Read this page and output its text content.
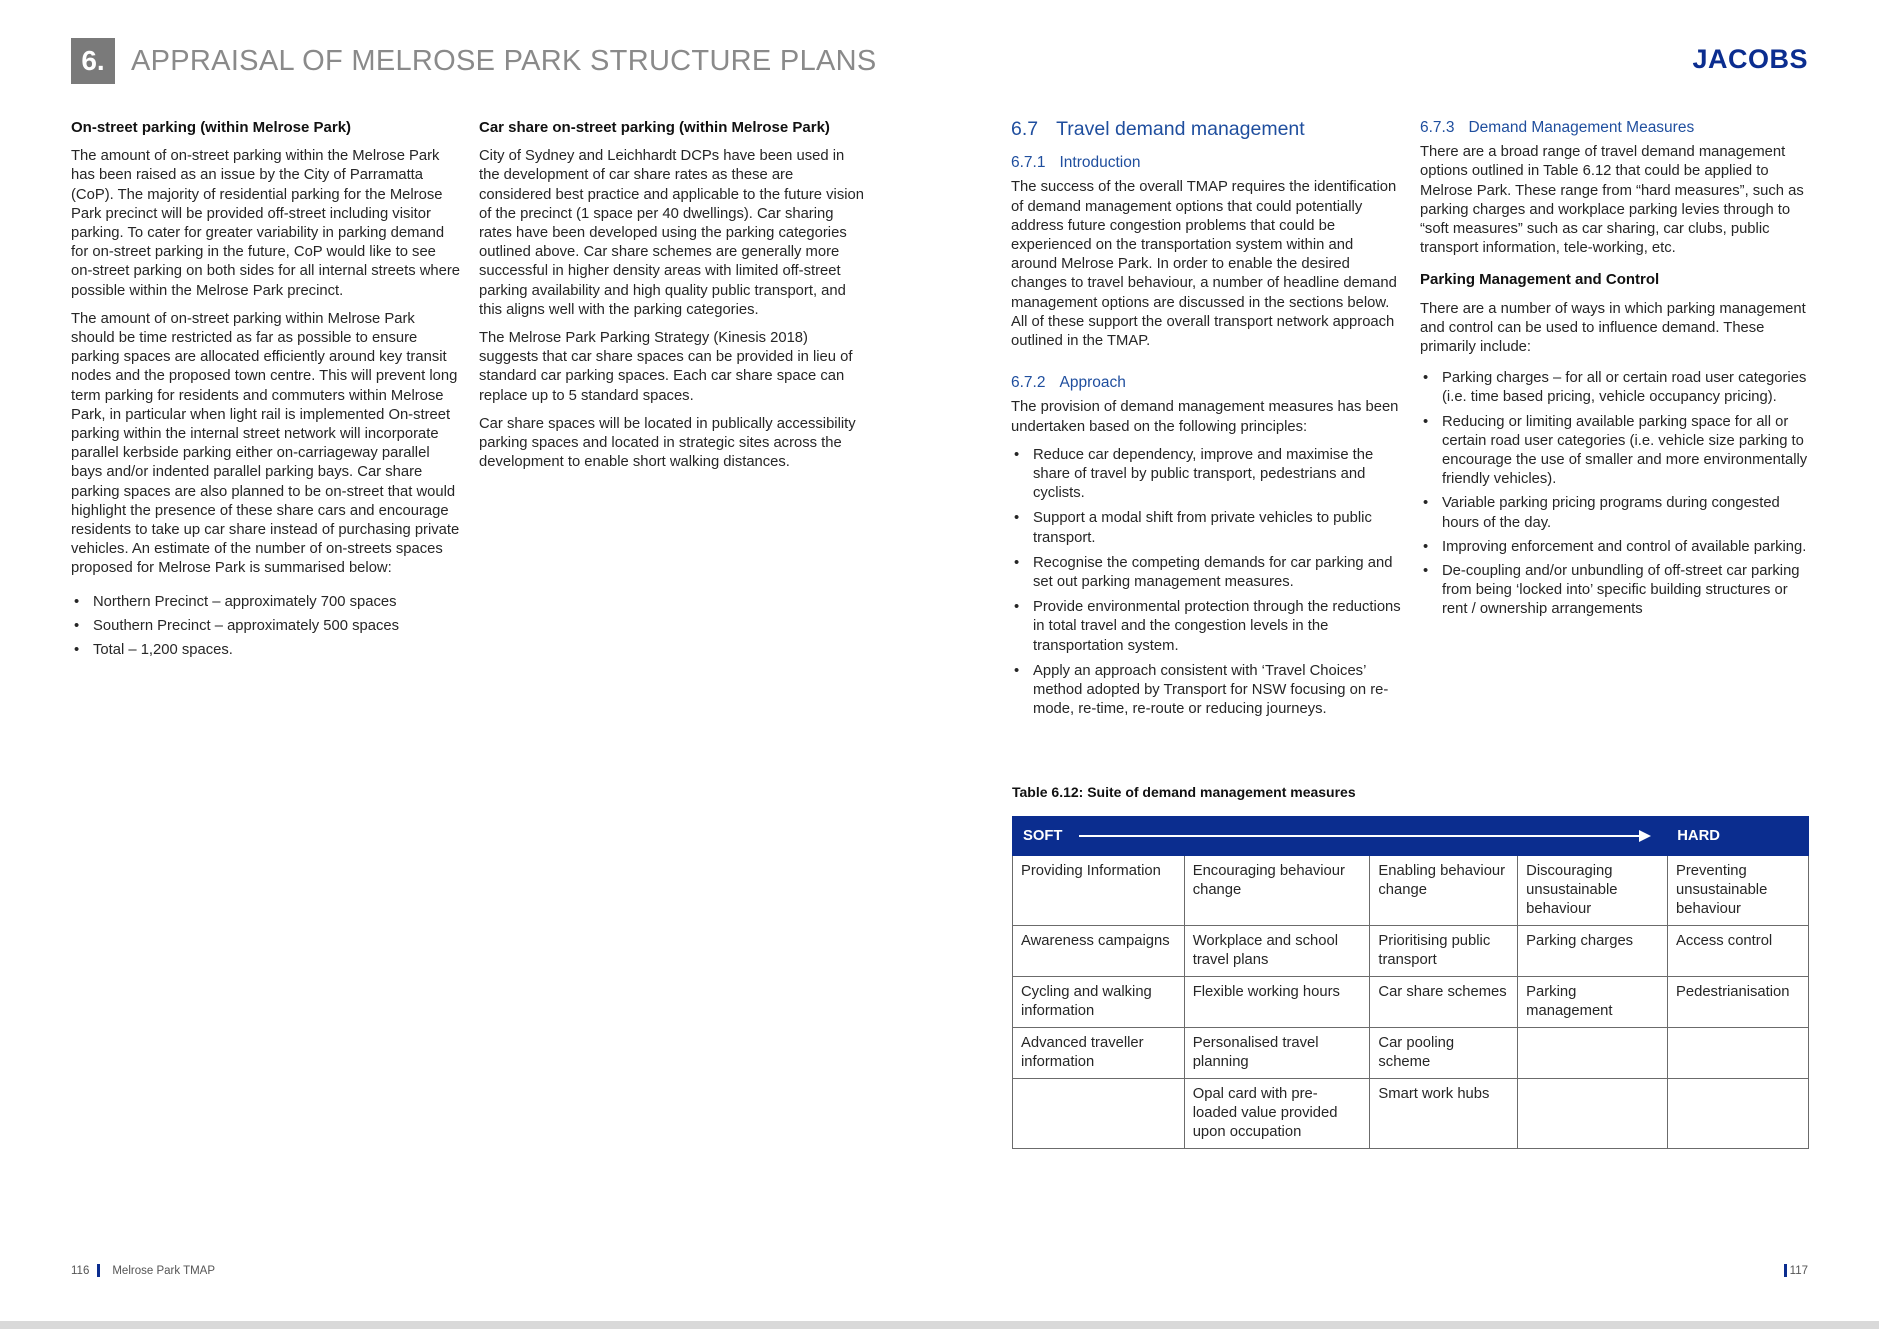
6. APPRAISAL OF MELROSE PARK STRUCTURE PLANS	JACOBS
On-street parking (within Melrose Park)

The amount of on-street parking within the Melrose Park has been raised as an issue by the City of Parramatta (CoP). The majority of residential parking for the Melrose Park precinct will be provided off-street including visitor parking. To cater for greater variability in parking demand for on-street parking in the future, CoP would like to see on-street parking on both sides for all internal streets where possible within the Melrose Park precinct.

The amount of on-street parking within Melrose Park should be time restricted as far as possible to ensure parking spaces are allocated efficiently around key transit nodes and the proposed town centre. This will prevent long term parking for residents and commuters within Melrose Park, in particular when light rail is implemented On-street parking within the internal street network will incorporate parallel kerbside parking either on-carriageway parallel bays and/or indented parallel parking bays. Car share parking spaces are also planned to be on-street that would highlight the presence of these share cars and encourage residents to take up car share instead of purchasing private vehicles. An estimate of the number of on-streets spaces proposed for Melrose Park is summarised below:

• Northern Precinct – approximately 700 spaces
• Southern Precinct – approximately 500 spaces
• Total – 1,200 spaces.
Car share on-street parking (within Melrose Park)

City of Sydney and Leichhardt DCPs have been used in the development of car share rates as these are considered best practice and applicable to the future vision of the precinct (1 space per 40 dwellings). Car sharing rates have been developed using the parking categories outlined above. Car share schemes are generally more successful in higher density areas with limited off-street parking availability and high quality public transport, and this aligns well with the parking categories.

The Melrose Park Parking Strategy (Kinesis 2018) suggests that car share spaces can be provided in lieu of standard car parking spaces. Each car share space can replace up to 5 standard spaces.

Car share spaces will be located in publically accessibility parking spaces and located in strategic sites across the development to enable short walking distances.

6.7 Travel demand management
6.7.1 Introduction

The success of the overall TMAP requires the identification of demand management options that could potentially address future congestion problems that could be experienced on the transportation system within and around Melrose Park. In order to enable the desired changes to travel behaviour, a number of headline demand management options are discussed in the sections below. All of these support the overall transport network approach outlined in the TMAP.

6.7.2 Approach

The provision of demand management measures has been undertaken based on the following principles:

• Reduce car dependency, improve and maximise the share of travel by public transport, pedestrians and cyclists.
• Support a modal shift from private vehicles to public transport.
• Recognise the competing demands for car parking and set out parking management measures.
• Provide environmental protection through the reductions in total travel and the congestion levels in the transportation system.
• Apply an approach consistent with ‘Travel Choices’ method adopted by Transport for NSW focusing on re-mode, re-time, re-route or reducing journeys.
6.7.3 Demand Management Measures

There are a broad range of travel demand management options outlined in Table 6.12 that could be applied to Melrose Park. These range from “hard measures”, such as parking charges and workplace parking levies through to “soft measures” such as car sharing, car clubs, public transport information, tele-working, etc.

Parking Management and Control

There are a number of ways in which parking management and control can be used to influence demand. These primarily include:

• Parking charges – for all or certain road user categories (i.e. time based pricing, vehicle occupancy pricing).
• Reducing or limiting available parking space for all or certain road user categories (i.e. vehicle size parking to encourage the use of smaller and more environmentally friendly vehicles).
• Variable parking pricing programs during congested hours of the day.
• Improving enforcement and control of available parking.
• De-coupling and/or unbundling of off-street car parking from being ‘locked into’ specific building structures or rent / ownership arrangements
Table 6.12: Suite of demand management measures
SOFT HARD				

Providing Information	Encouraging behaviour change	Enabling behaviour change	Discouraging unsustainable behaviour	Preventing unsustainable behaviour
Awareness campaigns	Workplace and school travel plans	Prioritising public transport	Parking charges	Access control
Cycling and walking information	Flexible working hours	Car share schemes	Parking management	Pedestrianisation
Advanced traveller information	Personalised travel planning	Car pooling scheme		
	Opal card with pre-loaded value provided upon occupation	Smart work hubs		
116 Melrose Park TMAP	117
